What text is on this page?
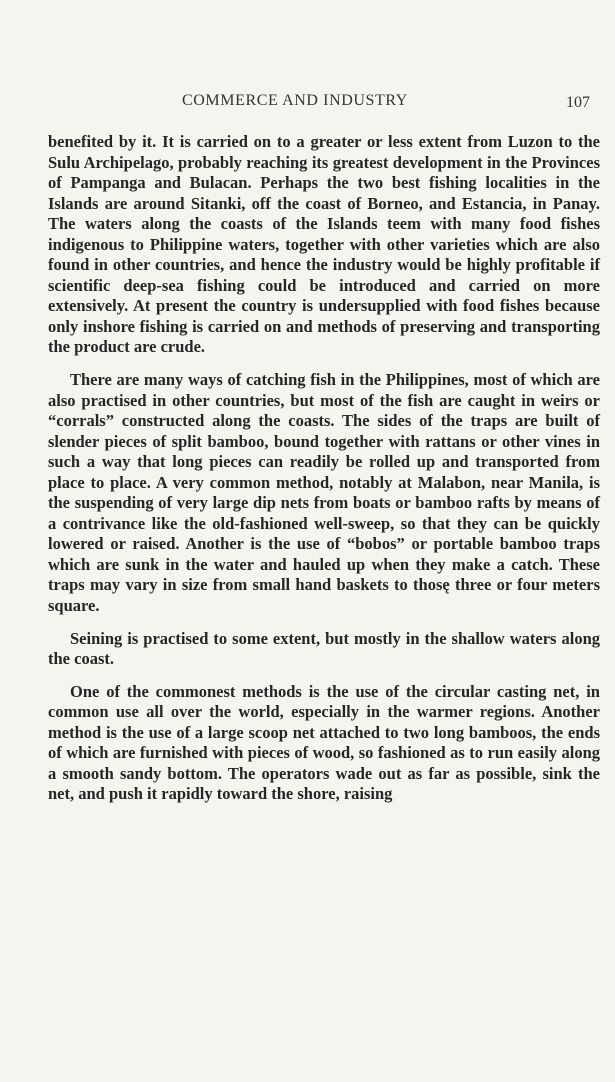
COMMERCE AND INDUSTRY	107

benefited by it. It is carried on to a greater or less extent from Luzon to the Sulu Archipelago, probably reaching its greatest development in the Provinces of Pampanga and Bulacan. Perhaps the two best fishing localities in the Islands are around Sitanki, off the coast of Borneo, and Estancia, in Panay. The waters along the coasts of the Islands teem with many food fishes indigenous to Philippine waters, together with other varieties which are also found in other countries, and hence the industry would be highly profitable if scientific deep-sea fishing could be introduced and carried on more extensively. At present the country is undersupplied with food fishes because only inshore fishing is carried on and methods of preserving and transporting the product are crude.

There are many ways of catching fish in the Philippines, most of which are also practised in other countries, but most of the fish are caught in weirs or “corrals” constructed along the coasts. The sides of the traps are built of slender pieces of split bamboo, bound together with rattans or other vines in such a way that long pieces can readily be rolled up and transported from place to place. A very common method, notably at Malabon, near Manila, is the suspending of very large dip nets from boats or bamboo rafts by means of a contrivance like the old-fashioned well-sweep, so that they can be quickly lowered or raised. Another is the use of “bobos” or portable bamboo traps which are sunk in the water and hauled up when they make a catch. These traps may vary in size from small hand baskets to thosę three or four meters square.

Seining is practised to some extent, but mostly in the shallow waters along the coast.

One of the commonest methods is the use of the circular casting net, in common use all over the world, especially in the warmer regions. Another method is the use of a large scoop net attached to two long bamboos, the ends of which are furnished with pieces of wood, so fashioned as to run easily along a smooth sandy bottom. The operators wade out as far as possible, sink the net, and push it rapidly toward the shore, raising
